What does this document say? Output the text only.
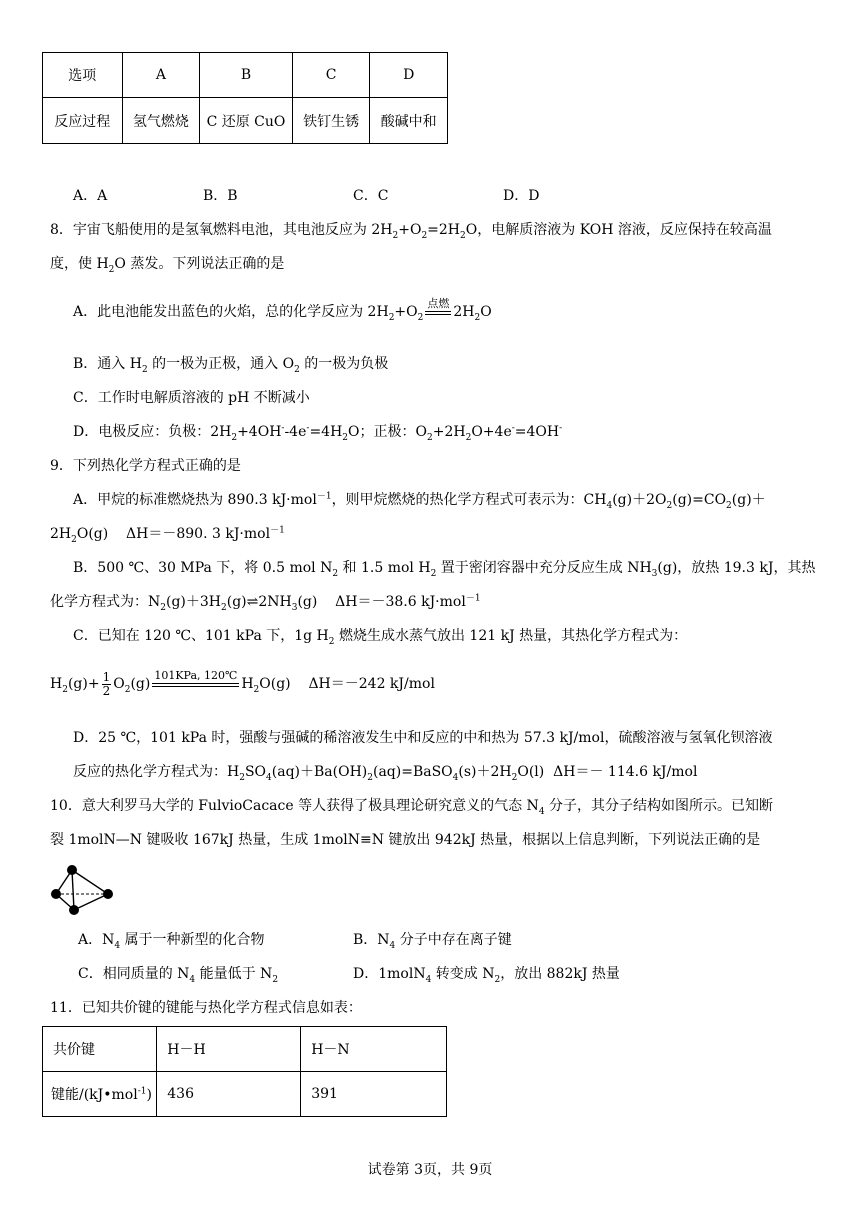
选项	A	B	C	D
反应过程	氢气燃烧	C 还原 CuO	铁钉生锈	酸碱中和
A．A	B．B	C．C	D．D
8．宇宙飞船使用的是氢氧燃料电池，其电池反应为 $2H_2+O_2=2H_2O$，电解质溶液为 KOH 溶液，反应保持在较高温
度，使 $H_2O$ 蒸发。下列说法正确的是
A．此电池能发出蓝色的火焰，总的化学反应为 $2H_2+O_2$
点燃
$2H_2O$
B．通入 $H_2$ 的一极为正极，通入 $O_2$ 的一极为负极
C．工作时电解质溶液的 pH 不断减小
D．电极反应：负极：$2H_2+4OH^--4e^-=4H_2O$；正极：$O_2+2H_2O+4e^-=4OH^-$
9．下列热化学方程式正确的是
A．甲烷的标准燃烧热为 890.3 kJ·mol$^{-1}$，则甲烷燃烧的热化学方程式可表示为：$CH_4(g)+2O_2(g)=CO_2(g)+$
$2H_2O(g)$    ΔH＝－890. 3 kJ·mol$^{-1}$
B．500 ℃、30 MPa 下，将 0.5 mol $N_2$ 和 1.5 mol $H_2$ 置于密闭容器中充分反应生成 $NH_3(g)$，放热 19.3 kJ，其热
化学方程式为：$N_2(g)+3H_2(g)\rightleftharpoons 2NH_3(g)$    ΔH＝－38.6 kJ·mol$^{-1}$
C．已知在 120 ℃、101 kPa 下，1g $H_2$ 燃烧生成水蒸气放出 121 kJ 热量，其热化学方程式为：
$H_2(g)+ \frac{1}{2} O_2(g)$
101KPa, 120℃
$H_2O(g)$    ΔH＝－242 kJ/mol
D．25 ℃，101 kPa 时，强酸与强碱的稀溶液发生中和反应的中和热为 57.3 kJ/mol，硫酸溶液与氢氧化钡溶液
反应的热化学方程式为：$H_2SO_4(aq)+Ba(OH)_2(aq)=BaSO_4(s)+2H_2O(l)$  ΔH＝－ 114.6 kJ/mol
10．意大利罗马大学的 FulvioCacace 等人获得了极具理论研究意义的气态 $N_4$ 分子，其分子结构如图所示。已知断
裂 1molN—N 键吸收 167kJ 热量，生成 1molN≡N 键放出 942kJ 热量，根据以上信息判断，下列说法正确的是
A．$N_4$ 属于一种新型的化合物	B．$N_4$ 分子中存在离子键
C．相同质量的 $N_4$ 能量低于 $N_2$	D．1molN$_4$ 转变成 $N_2$，放出 882kJ 热量
11．已知共价键的键能与热化学方程式信息如表：
共价键	H－H	H－N
键能/(kJ•mol$^{-1}$)	436	391
试卷第 3页，共 9页
